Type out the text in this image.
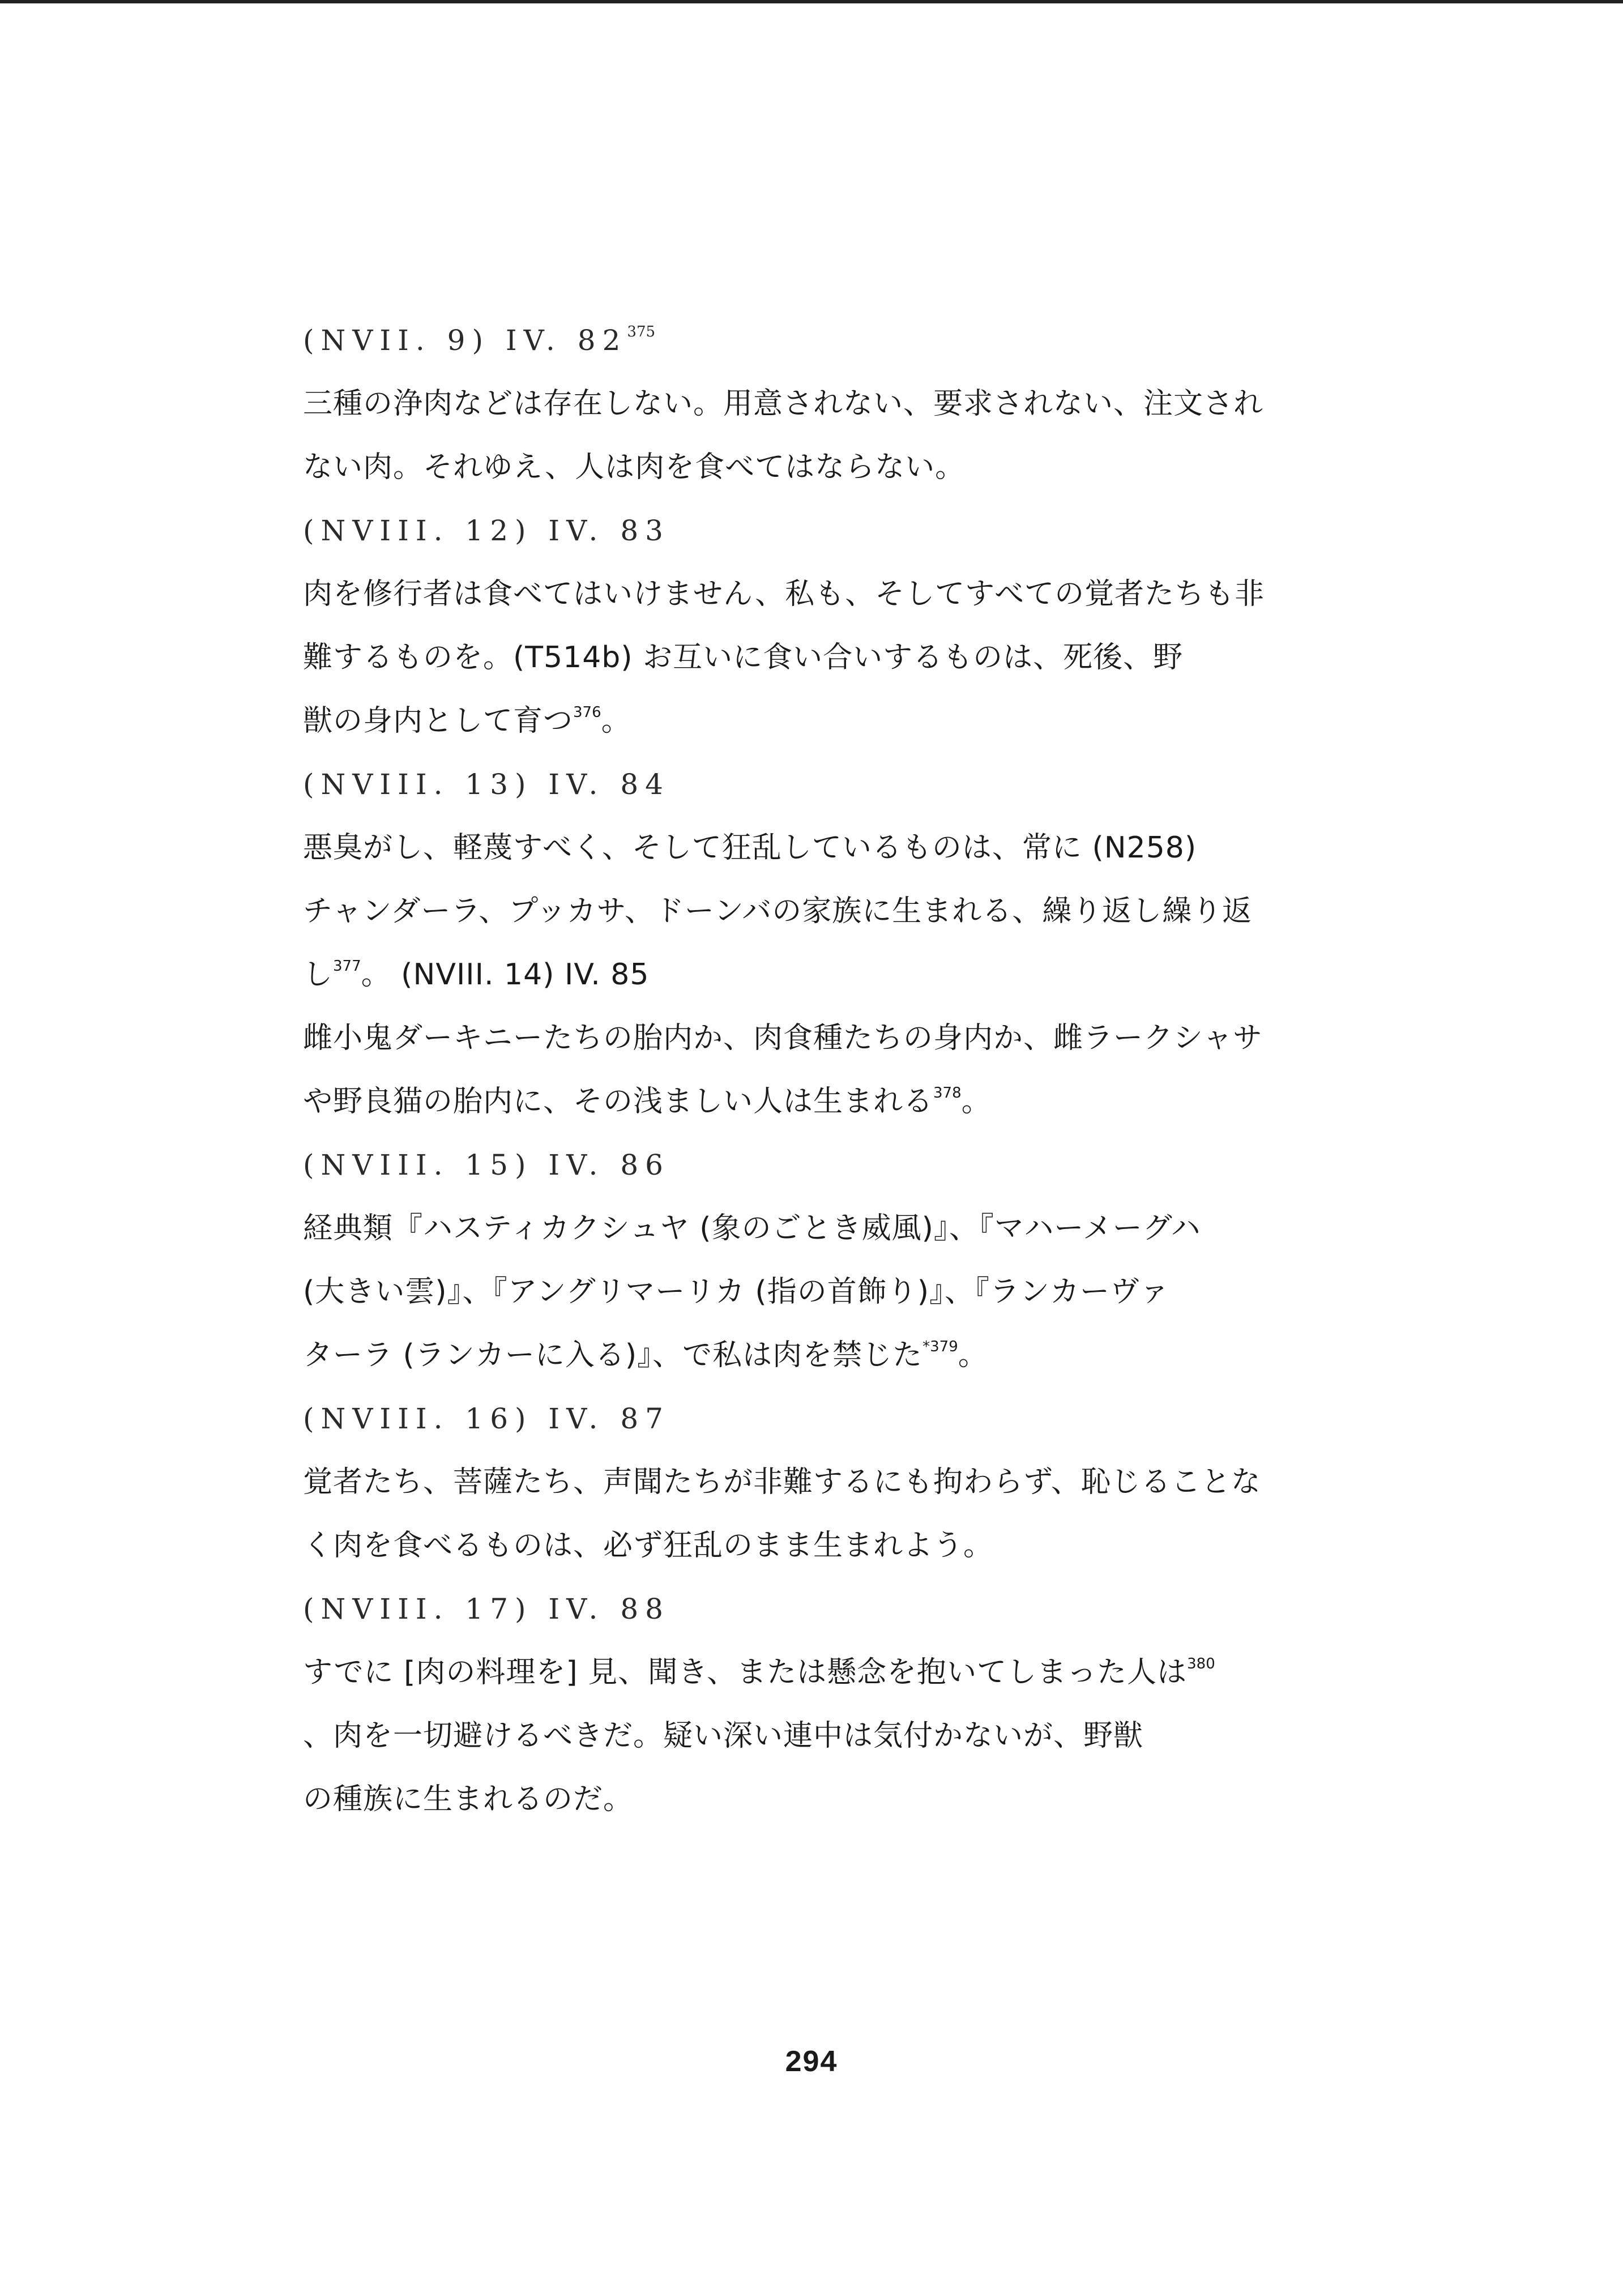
(NVII. 9) IV. $82^{375}$
三種の浄肉などは存在しない。用意されない、要求されない、注文され
ない肉。それゆえ、人は肉を食べてはならない。
(NVIII. 12) IV. 83
肉を修行者は食べてはいけません、私も、そしてすべての覚者たちも非
難するものを。(T514b) お互いに食い合いするものは、死後、野
獣の身内として育つ$^{376}$。
(NVIII. 13) IV. 84
悪臭がし、軽蔑すべく、そして狂乱しているものは、常に (N258)
チャンダーラ、プッカサ、ドーンバの家族に生まれる、繰り返し繰り返
し$^{377}$。 (NVIII. 14) IV. 85
雌小鬼ダーキニーたちの胎内か、肉食種たちの身内か、雌ラークシャサ
や野良猫の胎内に、その浅ましい人は生まれる$^{378}$。
(NVIII. 15) IV. 86
経典類『ハスティカクシュヤ (象のごとき威風)』、『マハーメーグハ
(大きい雲)』、『アングリマーリカ (指の首飾り)』、『ランカーヴァ
ターラ (ランカーに入る)』、で私は肉を禁じた$^{*379}$。
(NVIII. 16) IV. 87
覚者たち、菩薩たち、声聞たちが非難するにも拘わらず、恥じることな
く肉を食べるものは、必ず狂乱のまま生まれよう。
(NVIII. 17) IV. 88
すでに [肉の料理を] 見、聞き、または懸念を抱いてしまった人は$^{380}$
、肉を一切避けるべきだ。疑い深い連中は気付かないが、野獣
の種族に生まれるのだ。
294
